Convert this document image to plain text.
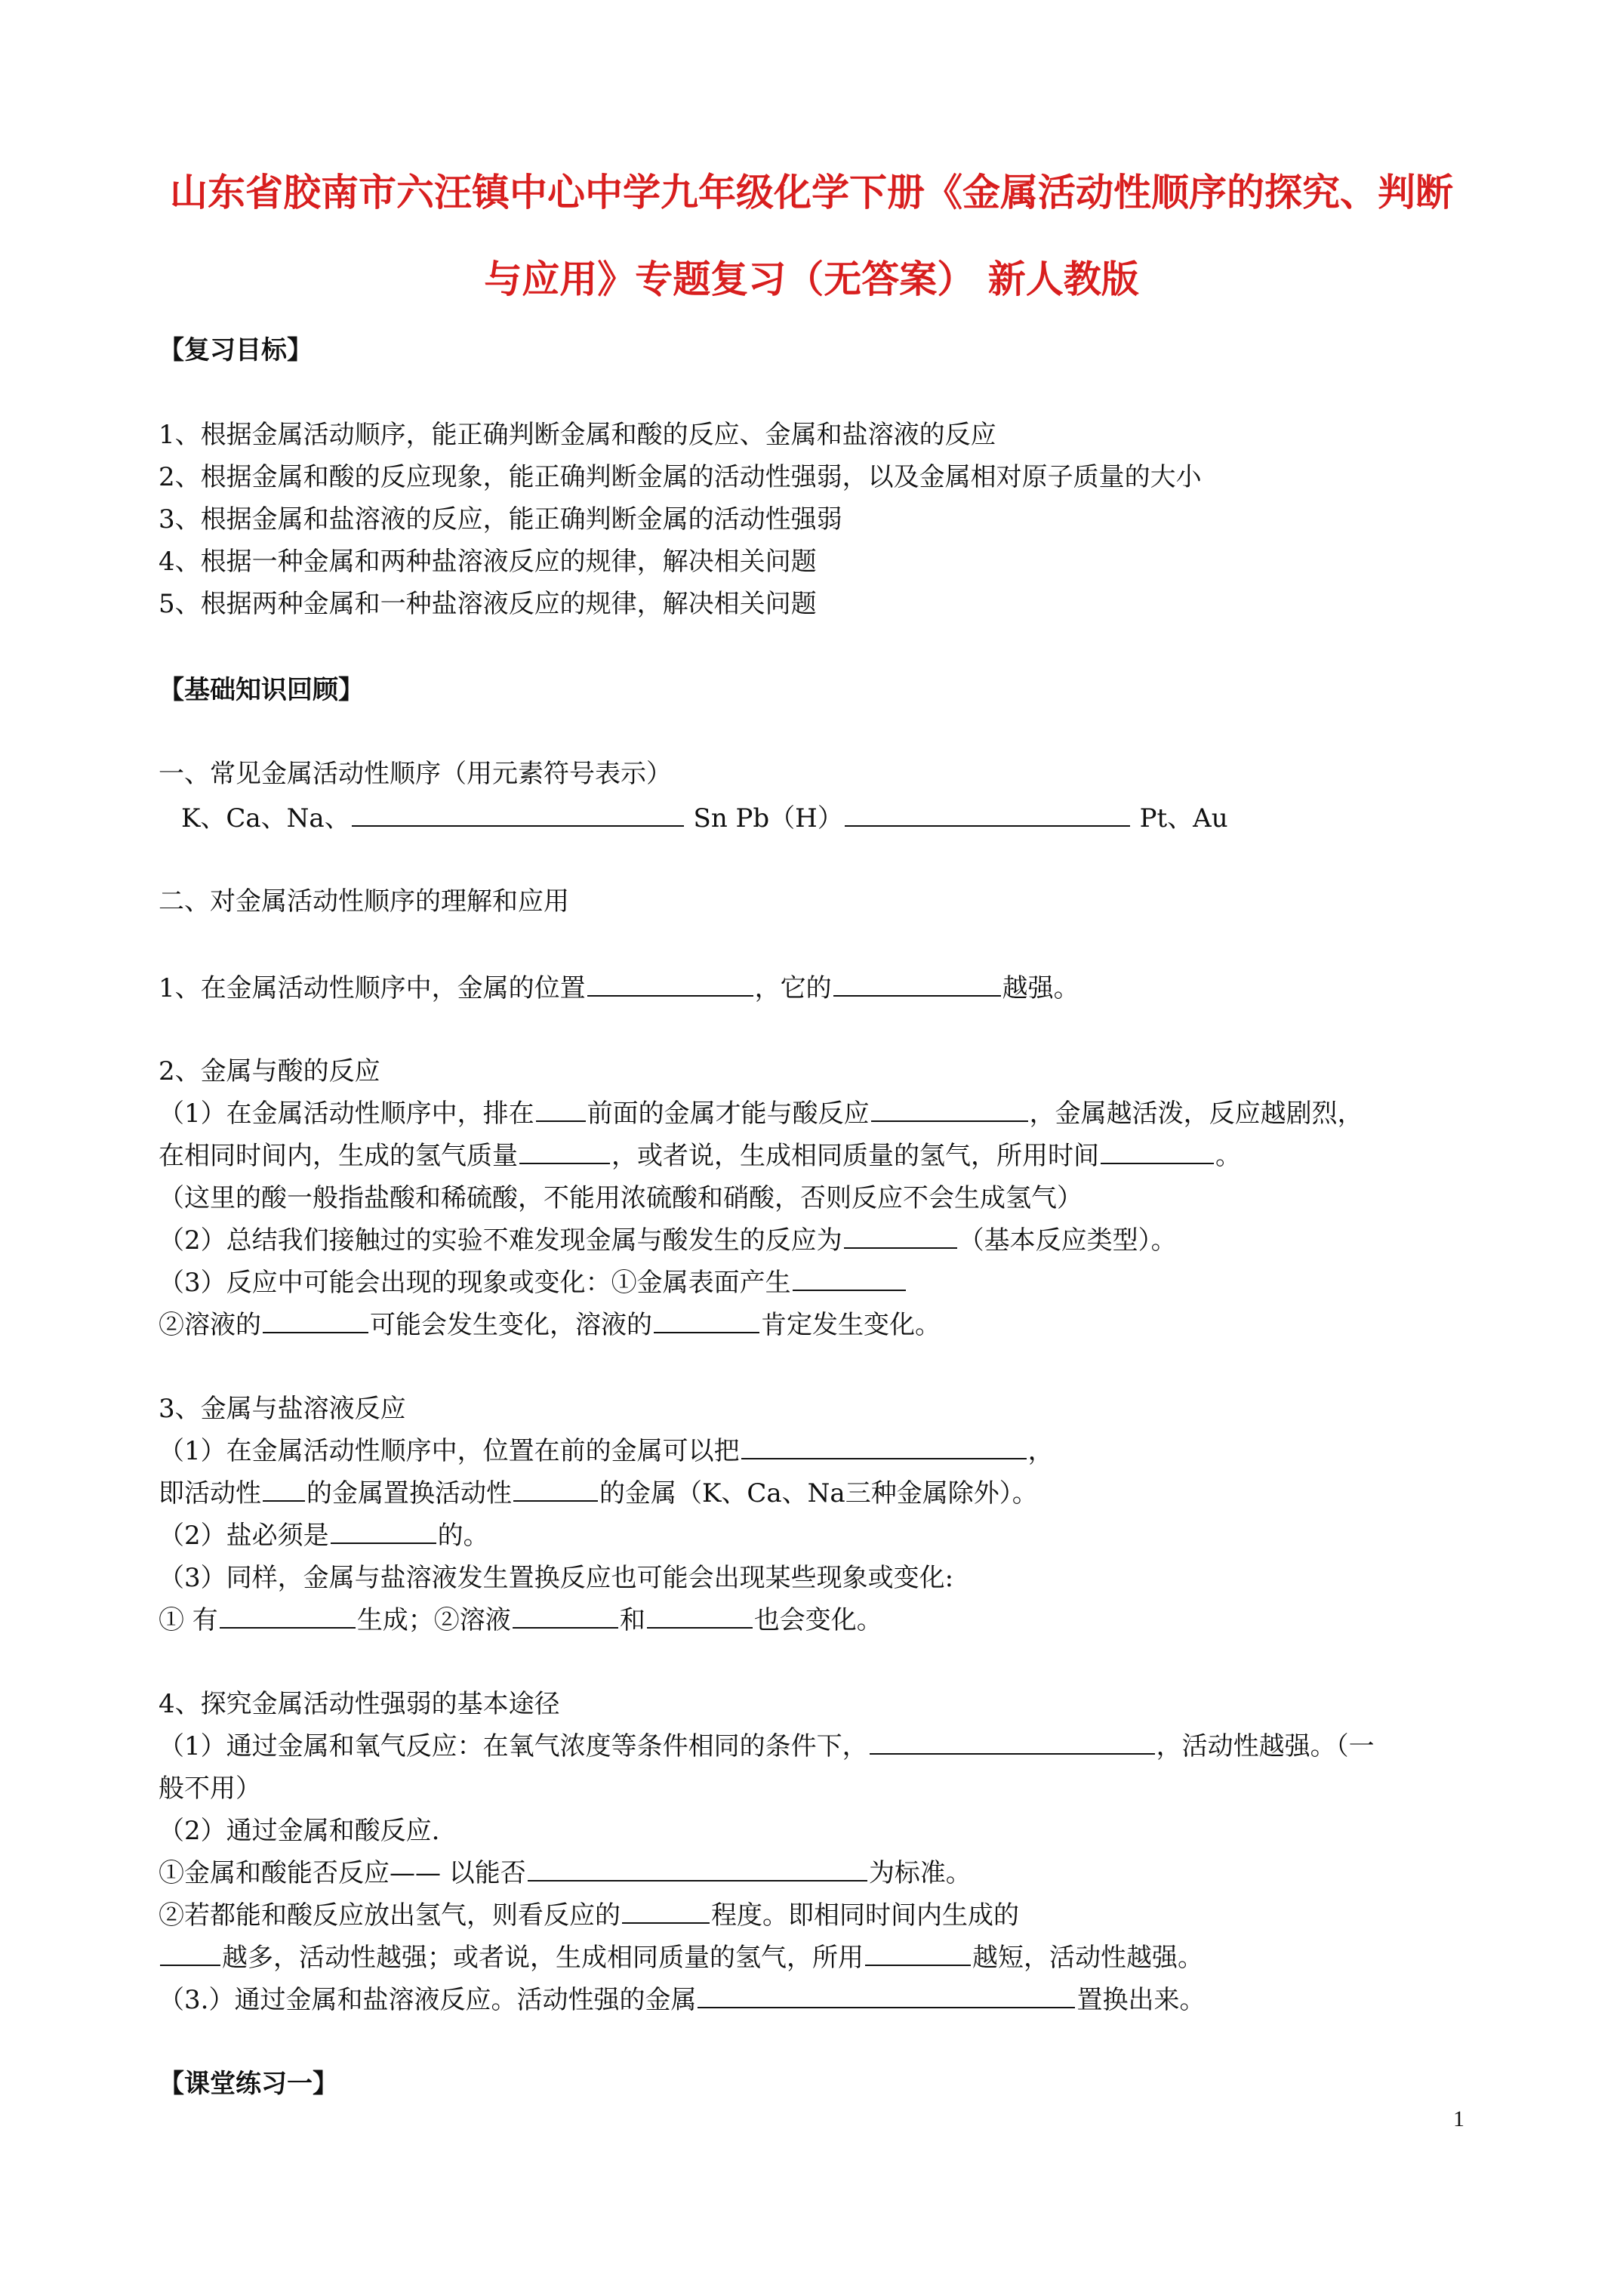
山东省胶南市六汪镇中心中学九年级化学下册《金属活动性顺序的探究、判断
与应用》专题复习（无答案） 新人教版
【复习目标】
1、根据金属活动顺序，能正确判断金属和酸的反应、金属和盐溶液的反应
2、根据金属和酸的反应现象，能正确判断金属的活动性强弱，以及金属相对原子质量的大小
3、根据金属和盐溶液的反应，能正确判断金属的活动性强弱
4、根据一种金属和两种盐溶液反应的规律，解决相关问题
5、根据两种金属和一种盐溶液反应的规律，解决相关问题
【基础知识回顾】
一、常见金属活动性顺序（用元素符号表示）
K、Ca、Na、	Sn Pb（H）	Pt、Au
二、对金属活动性顺序的理解和应用
1、在金属活动性顺序中，金属的位置	，它的	越强。
2、金属与酸的反应
（1）在金属活动性顺序中，排在 前面的金属才能与酸反应	，金属越活泼，反应越剧烈，
在相同时间内，生成的氢气质量	，或者说，生成相同质量的氢气，所用时间	。
（这里的酸一般指盐酸和稀硫酸，不能用浓硫酸和硝酸，否则反应不会生成氢气）
（2）总结我们接触过的实验不难发现金属与酸发生的反应为	（基本反应类型）。
（3）反应中可能会出现的现象或变化：①金属表面产生
②溶液的	可能会发生变化，溶液的	肯定发生变化。
3、金属与盐溶液反应
（1）在金属活动性顺序中，位置在前的金属可以把	，
即活动性 的金属置换活动性	的金属（K、Ca、Na三种金属除外）。
（2）盐必须是	的。
（3）同样，金属与盐溶液发生置换反应也可能会出现某些现象或变化:
① 有	生成；②溶液	和	也会变化。
4、探究金属活动性强弱的基本途径
（1）通过金属和氧气反应：在氧气浓度等条件相同的条件下，	，活动性越强。（一
般不用）
（2）通过金属和酸反应.
①金属和酸能否反应—— 以能否	为标准。
②若都能和酸反应放出氢气，则看反应的	程度。即相同时间内生成的
越多，活动性越强；或者说，生成相同质量的氢气，所用	越短，活动性越强。
（3.）通过金属和盐溶液反应。活动性强的金属	置换出来。
【课堂练习一】
1
